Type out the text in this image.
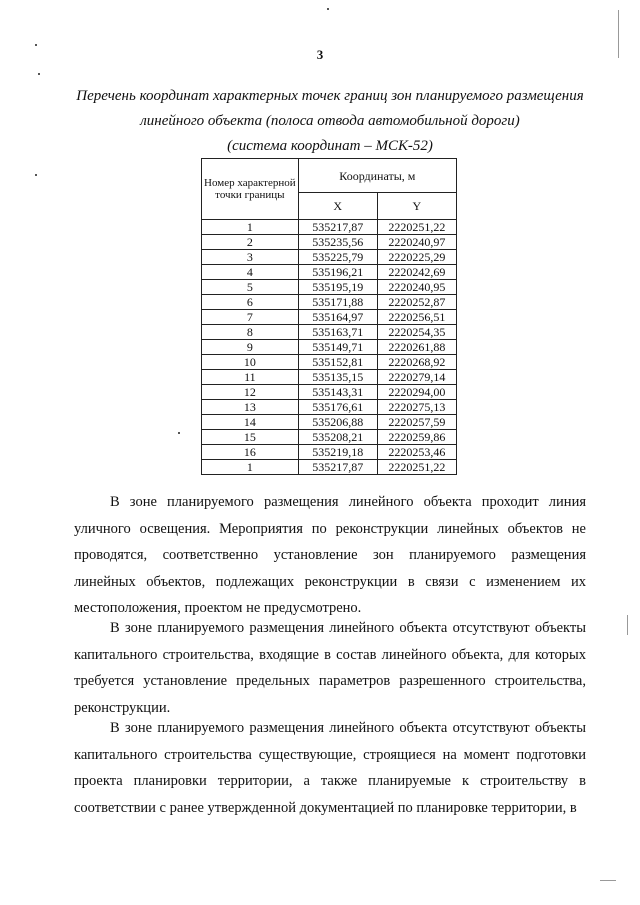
3
Перечень координат характерных точек границ зон планируемого размещения
линейного объекта (полоса отвода автомобильной дороги)
(система координат – МСК-52)
Номер характерной точки границы	Координаты, м	
	X	Y
1	535217,87	2220251,22
2	535235,56	2220240,97
3	535225,79	2220225,29
4	535196,21	2220242,69
5	535195,19	2220240,95
6	535171,88	2220252,87
7	535164,97	2220256,51
8	535163,71	2220254,35
9	535149,71	2220261,88
10	535152,81	2220268,92
11	535135,15	2220279,14
12	535143,31	2220294,00
13	535176,61	2220275,13
14	535206,88	2220257,59
15	535208,21	2220259,86
16	535219,18	2220253,46
1	535217,87	2220251,22
В зоне планируемого размещения линейного объекта проходит линия уличного освещения. Мероприятия по реконструкции линейных объектов не проводятся, соответственно установление зон планируемого размещения линейных объектов, подлежащих реконструкции в связи с изменением их местоположения, проектом не предусмотрено.
В зоне планируемого размещения линейного объекта отсутствуют объекты капитального строительства, входящие в состав линейного объекта, для которых требуется установление предельных параметров разрешенного строительства, реконструкции.
В зоне планируемого размещения линейного объекта отсутствуют объекты капитального строительства существующие, строящиеся на момент подготовки проекта планировки территории, а также планируемые к строительству в соответствии с ранее утвержденной документацией по планировке территории, в
